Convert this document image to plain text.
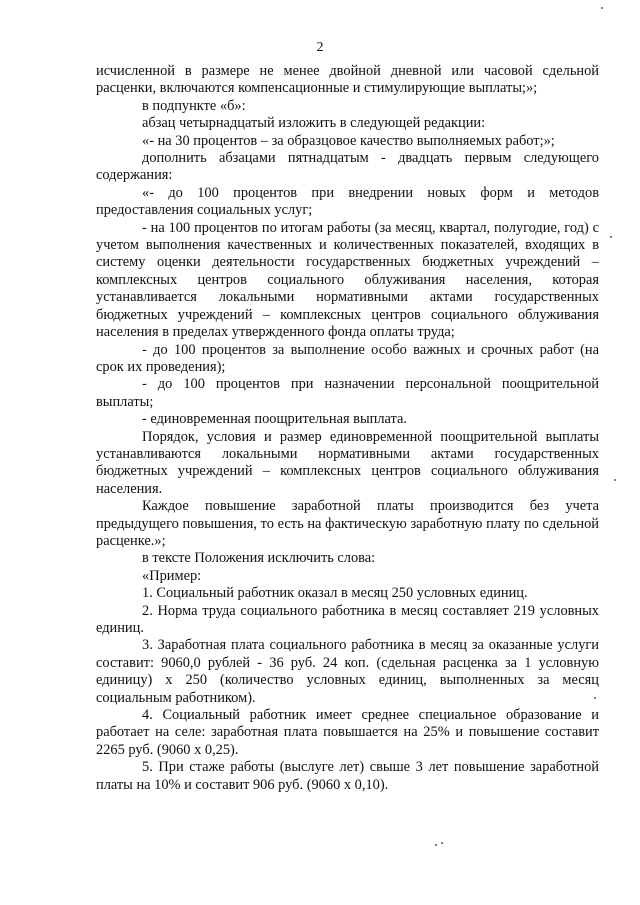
2

исчисленной в размере не менее двойной дневной или часовой сдельной расценки, включаются компенсационные и стимулирующие выплаты;»;

в подпункте «б»:

абзац четырнадцатый изложить в следующей редакции:

«- на 30 процентов – за образцовое качество выполняемых работ;»;

дополнить абзацами пятнадцатым - двадцать первым следующего содержания:

«- до 100 процентов при внедрении новых форм и методов предоставления социальных услуг;

- на 100 процентов по итогам работы (за месяц, квартал, полугодие, год) с учетом выполнения качественных и количественных показателей, входящих в систему оценки деятельности государственных бюджетных учреждений – комплексных центров социального облуживания населения, которая устанавливается локальными нормативными актами государственных бюджетных учреждений – комплексных центров социального облуживания населения в пределах утвержденного фонда оплаты труда;

- до 100 процентов за выполнение особо важных и срочных работ (на срок их проведения);

- до 100 процентов при назначении персональной поощрительной выплаты;

- единовременная поощрительная выплата.

Порядок, условия и размер единовременной поощрительной выплаты устанавливаются локальными нормативными актами государственных бюджетных учреждений – комплексных центров социального облуживания населения.

Каждое повышение заработной платы производится без учета предыдущего повышения, то есть на фактическую заработную плату по сдельной расценке.»;

в тексте Положения исключить слова:

«Пример:

1. Социальный работник оказал в месяц 250 условных единиц.

2. Норма труда социального работника в месяц составляет 219 условных единиц.

3. Заработная плата социального работника в месяц за оказанные услуги составит: 9060,0 рублей - 36 руб. 24 коп. (сдельная расценка за 1 условную единицу) х 250 (количество условных единиц, выполненных за месяц социальным работником).

4. Социальный работник имеет среднее специальное образование и работает на селе: заработная плата повышается на 25% и повышение составит 2265 руб. (9060 х 0,25).

5. При стаже работы (выслуге лет) свыше 3 лет повышение заработной платы на 10% и составит 906 руб. (9060 х 0,10).
